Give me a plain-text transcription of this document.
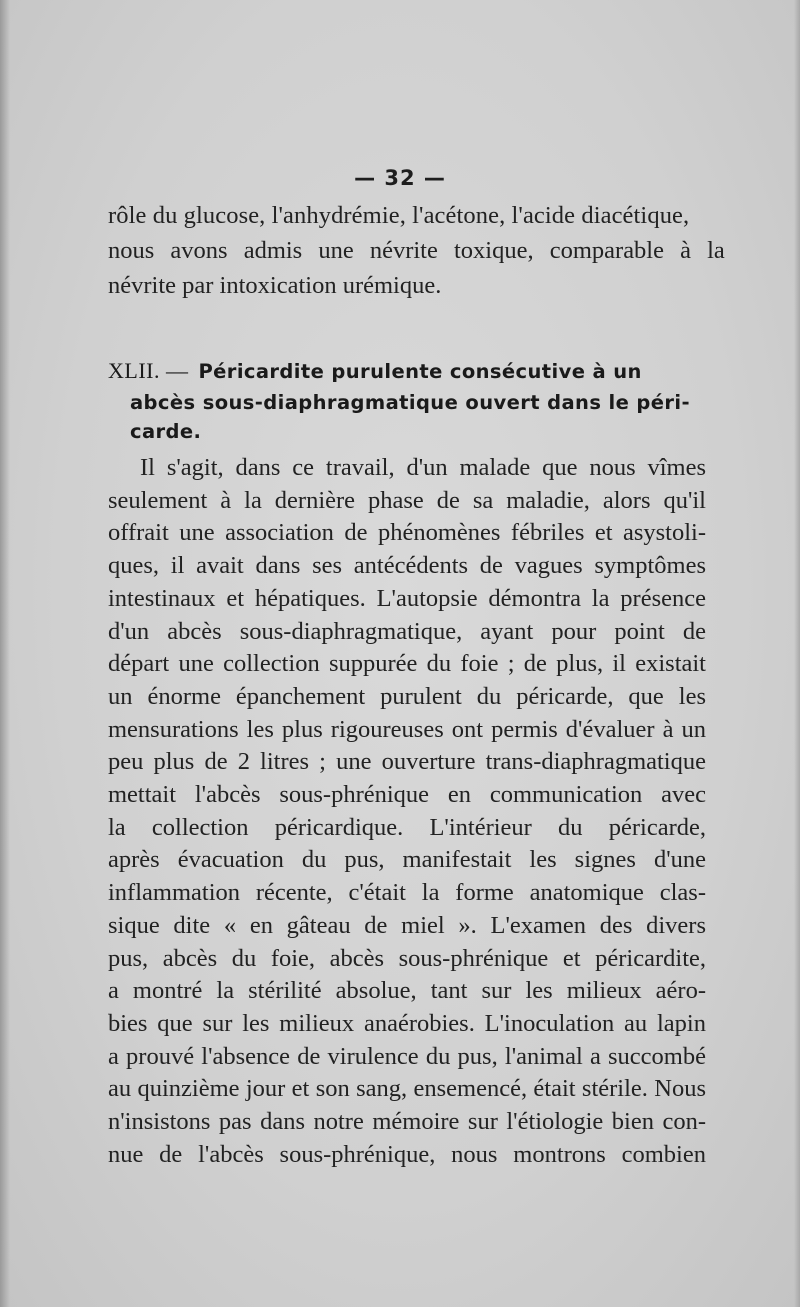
— 32 —
rôle du glucose, l'anhydrémie, l'acétone, l'acide diacétique,
nous avons admis une névrite toxique, comparable à la
névrite par intoxication urémique.
XLII. — Péricardite purulente consécutive à un
abcès sous-diaphragmatique ouvert dans le péri-
carde.
Il s'agit, dans ce travail, d'un malade que nous vîmes
seulement à la dernière phase de sa maladie, alors qu'il
offrait une association de phénomènes fébriles et asystoli-
ques, il avait dans ses antécédents de vagues symptômes
intestinaux et hépatiques. L'autopsie démontra la présence
d'un abcès sous-diaphragmatique, ayant pour point de
départ une collection suppurée du foie ; de plus, il existait
un énorme épanchement purulent du péricarde, que les
mensurations les plus rigoureuses ont permis d'évaluer à un
peu plus de 2 litres ; une ouverture trans-diaphragmatique
mettait l'abcès sous-phrénique en communication avec
la collection péricardique. L'intérieur du péricarde,
après évacuation du pus, manifestait les signes d'une
inflammation récente, c'était la forme anatomique clas-
sique dite « en gâteau de miel ». L'examen des divers
pus, abcès du foie, abcès sous-phrénique et péricardite,
a montré la stérilité absolue, tant sur les milieux aéro-
bies que sur les milieux anaérobies. L'inoculation au lapin
a prouvé l'absence de virulence du pus, l'animal a succombé
au quinzième jour et son sang, ensemencé, était stérile. Nous
n'insistons pas dans notre mémoire sur l'étiologie bien con-
nue de l'abcès sous-phrénique, nous montrons combien
